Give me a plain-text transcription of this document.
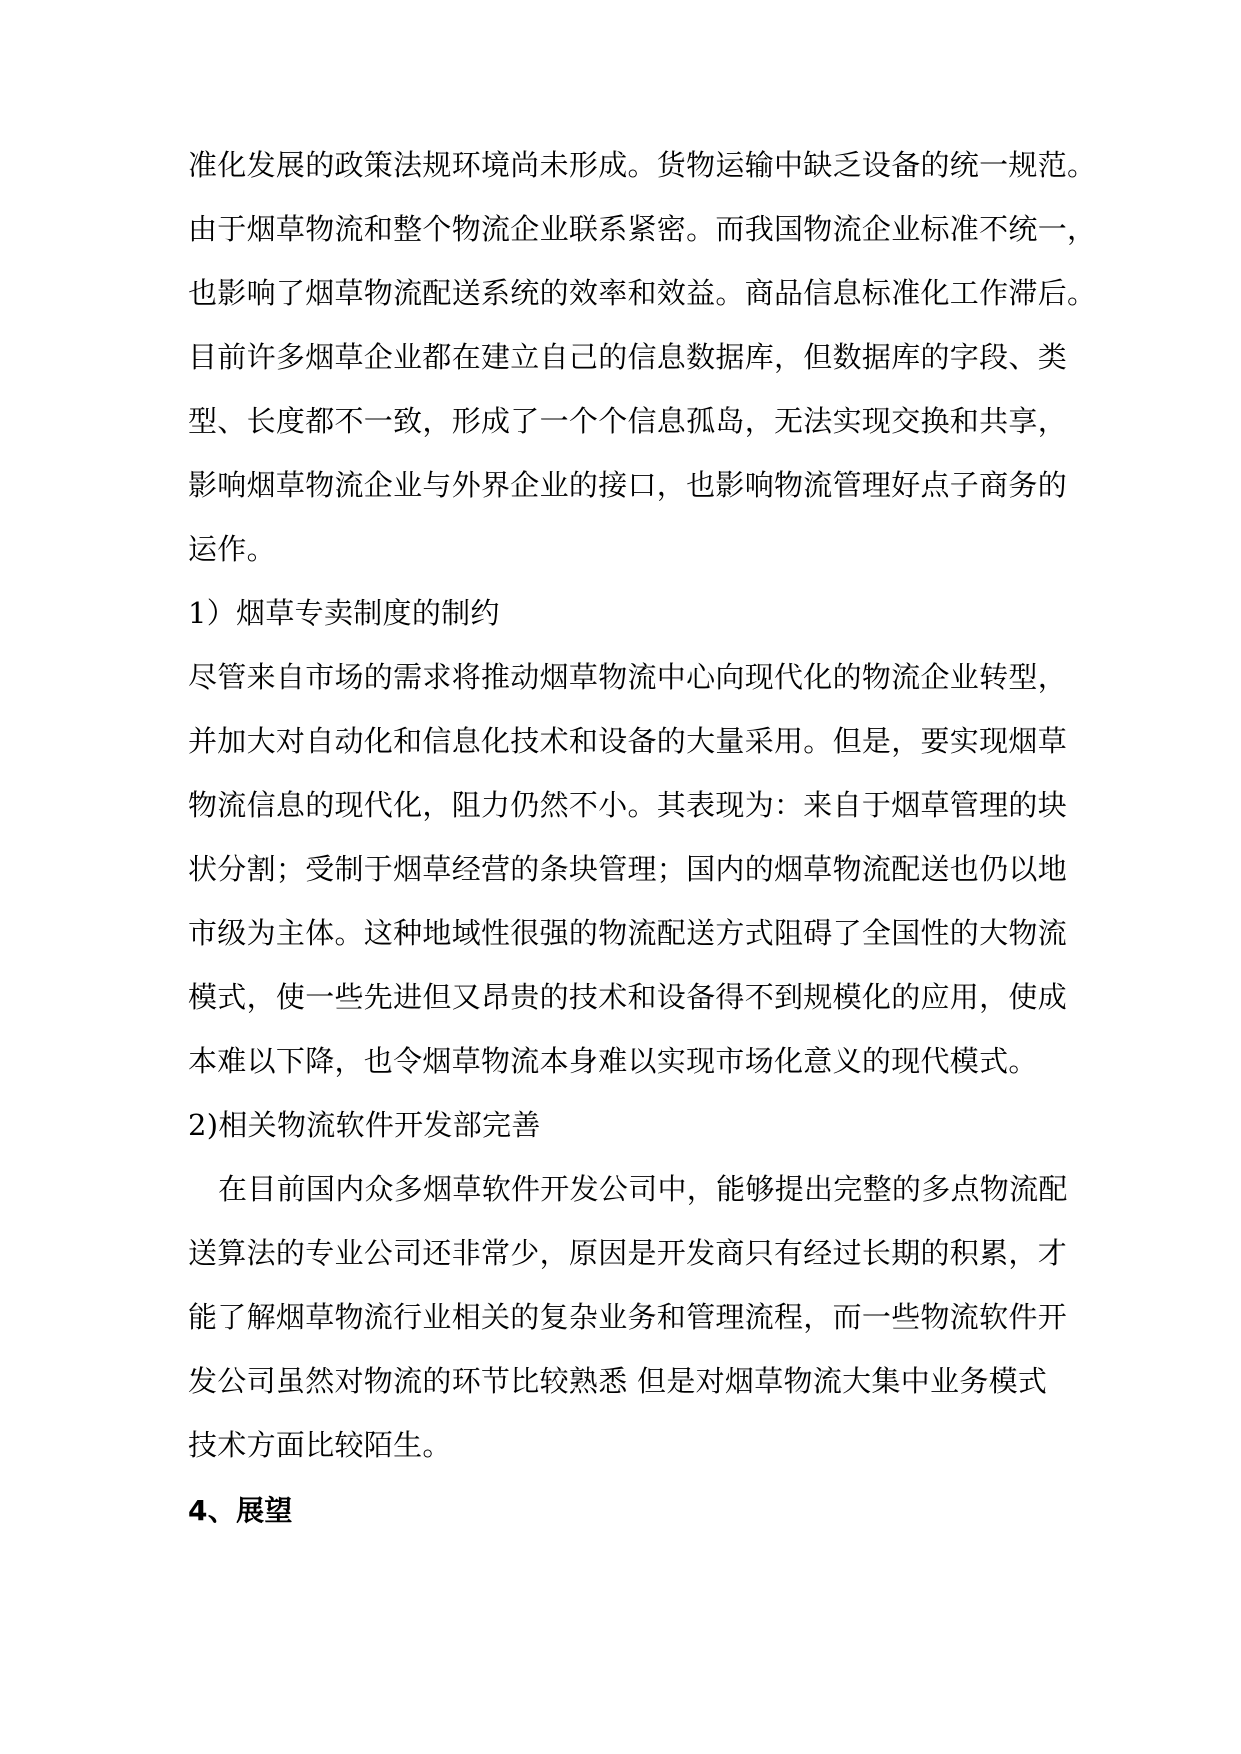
准化发展的政策法规环境尚未形成。货物运输中缺乏设备的统一规范。
由于烟草物流和整个物流企业联系紧密。而我国物流企业标准不统一，
也影响了烟草物流配送系统的效率和效益。商品信息标准化工作滞后。
目前许多烟草企业都在建立自己的信息数据库，但数据库的字段、类
型、长度都不一致，形成了一个个信息孤岛，无法实现交换和共享，
影响烟草物流企业与外界企业的接口，也影响物流管理好点子商务的
运作。
1）烟草专卖制度的制约
尽管来自市场的需求将推动烟草物流中心向现代化的物流企业转型，
并加大对自动化和信息化技术和设备的大量采用。但是，要实现烟草
物流信息的现代化，阻力仍然不小。其表现为：来自于烟草管理的块
状分割；受制于烟草经营的条块管理；国内的烟草物流配送也仍以地
市级为主体。这种地域性很强的物流配送方式阻碍了全国性的大物流
模式，使一些先进但又昂贵的技术和设备得不到规模化的应用，使成
本难以下降，也令烟草物流本身难以实现市场化意义的现代模式。
2)相关物流软件开发部完善
在目前国内众多烟草软件开发公司中，能够提出完整的多点物流配
送算法的专业公司还非常少，原因是开发商只有经过长期的积累，才
能了解烟草物流行业相关的复杂业务和管理流程，而一些物流软件开
发公司虽然对物流的环节比较熟悉 但是对烟草物流大集中业务模式
技术方面比较陌生。
4、展望
